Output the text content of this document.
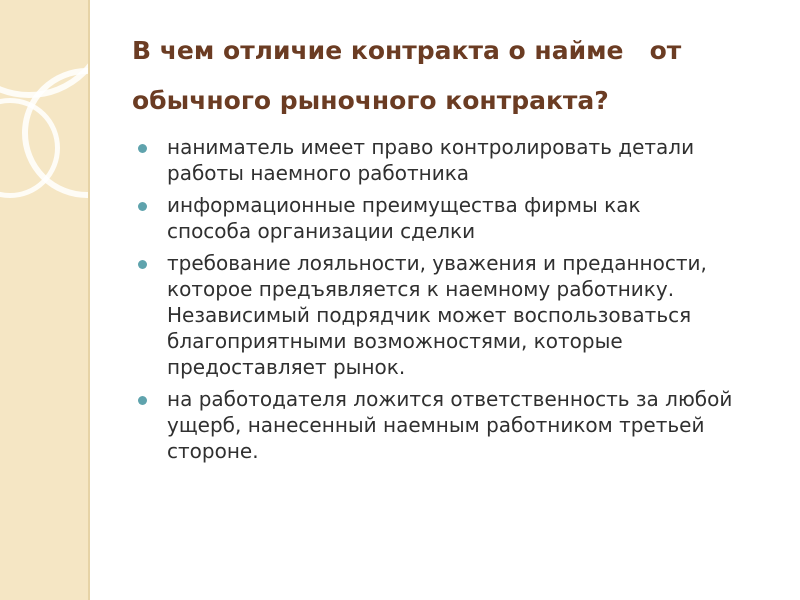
В чем отличие контракта о найме   от
обычного рыночного контракта?
наниматель имеет право контролировать детали
работы наемного работника
информационные преимущества фирмы как
способа организации сделки
требование лояльности, уважения и преданности,
которое предъявляется к наемному работнику.
Независимый подрядчик может воспользоваться
благоприятными возможностями, которые
предоставляет рынок.
на работодателя ложится ответственность за любой
ущерб, нанесенный наемным работником третьей
стороне.
